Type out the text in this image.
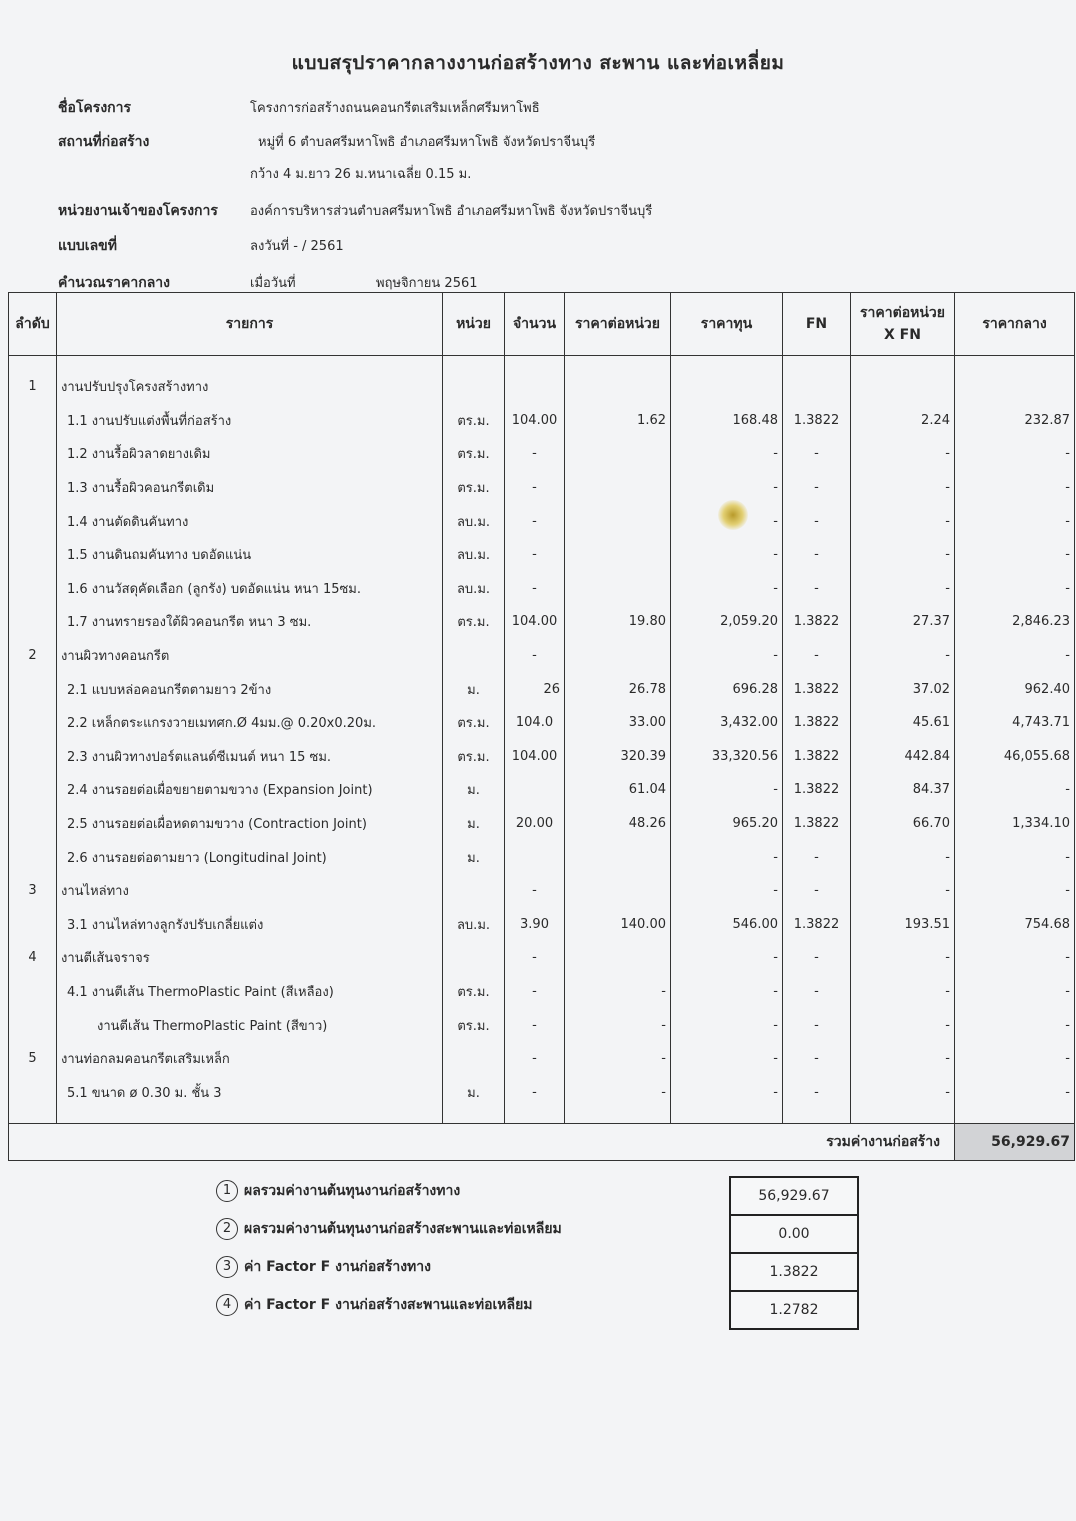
แบบสรุปราคากลางงานก่อสร้างทาง สะพาน และท่อเหลี่ยม
ชื่อโครงการ	โครงการก่อสร้างถนนคอนกรีตเสริมเหล็กศรีมหาโพธิ
สถานที่ก่อสร้าง	หมู่ที่ 6 ตำบลศรีมหาโพธิ อำเภอศรีมหาโพธิ จังหวัดปราจีนบุรี
กว้าง 4 ม.ยาว 26 ม.หนาเฉลี่ย 0.15 ม.
หน่วยงานเจ้าของโครงการ องค์การบริหารส่วนตำบลศรีมหาโพธิ อำเภอศรีมหาโพธิ จังหวัดปราจีนบุรี
แบบเลขที่	ลงวันที่ - / 2561
คำนวณราคากลาง	เมื่อวันที่	พฤษจิกายน 2561
ลำดับ	รายการ	หน่วย	จำนวน	ราคาต่อหน่วย	ราคาทุน	FN	ราคาต่อหน่วย
X FN	ราคากลาง

1	งานปรับปรุงโครงสร้างทาง							
	1.1 งานปรับแต่งพื้นที่ก่อสร้าง	ตร.ม.	104.00	1.62	168.48	1.3822	2.24	232.87
	1.2 งานรื้อผิวลาดยางเดิม	ตร.ม.	-		-	-	-	-
	1.3 งานรื้อผิวคอนกรีตเดิม	ตร.ม.	-		-	-	-	-
	1.4 งานตัดดินคันทาง	ลบ.ม.	-		-	-	-	-
	1.5 งานดินถมคันทาง บดอัดแน่น	ลบ.ม.	-		-	-	-	-
	1.6 งานวัสดุคัดเลือก (ลูกรัง) บดอัดแน่น หนา 15ซม.	ลบ.ม.	-		-	-	-	-
	1.7 งานทรายรองใต้ผิวคอนกรีต หนา 3 ซม.	ตร.ม.	104.00	19.80	2,059.20	1.3822	27.37	2,846.23
2	งานผิวทางคอนกรีต		-		-	-	-	-
	2.1 แบบหล่อคอนกรีตตามยาว 2ข้าง	ม.	26	26.78	696.28	1.3822	37.02	962.40
	2.2 เหล็กตระแกรงวายเมทศก.Ø 4มม.@ 0.20x0.20ม.	ตร.ม.	104.0	33.00	3,432.00	1.3822	45.61	4,743.71
	2.3 งานผิวทางปอร์ตแลนด์ซีเมนต์ หนา 15 ซม.	ตร.ม.	104.00	320.39	33,320.56	1.3822	442.84	46,055.68
	2.4 งานรอยต่อเผื่อขยายตามขวาง (Expansion Joint)	ม.		61.04	-	1.3822	84.37	-
	2.5 งานรอยต่อเผื่อหดตามขวาง (Contraction Joint)	ม.	20.00	48.26	965.20	1.3822	66.70	1,334.10
	2.6 งานรอยต่อตามยาว (Longitudinal Joint)	ม.			-	-	-	-
3	งานไหล่ทาง		-		-	-	-	-
	3.1 งานไหล่ทางลูกรังปรับเกลี่ยแต่ง	ลบ.ม.	3.90	140.00	546.00	1.3822	193.51	754.68
4	งานตีเส้นจราจร		-		-	-	-	-
	4.1 งานตีเส้น ThermoPlastic Paint (สีเหลือง)	ตร.ม.	-	-	-	-	-	-
	งานตีเส้น ThermoPlastic Paint (สีขาว)	ตร.ม.	-	-	-	-	-	-
5	งานท่อกลมคอนกรีตเสริมเหล็ก		-	-	-	-	-	-
	5.1 ขนาด ø 0.30 ม. ชั้น 3	ม.	-	-	-	-	-	-

	รวมค่างานก่อสร้าง							56,929.67
1 ผลรวมค่างานต้นทุนงานก่อสร้างทาง	56,929.67
2 ผลรวมค่างานต้นทุนงานก่อสร้างสะพานและท่อเหลียม	0.00
3 ค่า Factor F งานก่อสร้างทาง	1.3822
4 ค่า Factor F งานก่อสร้างสะพานและท่อเหลียม	1.2782
